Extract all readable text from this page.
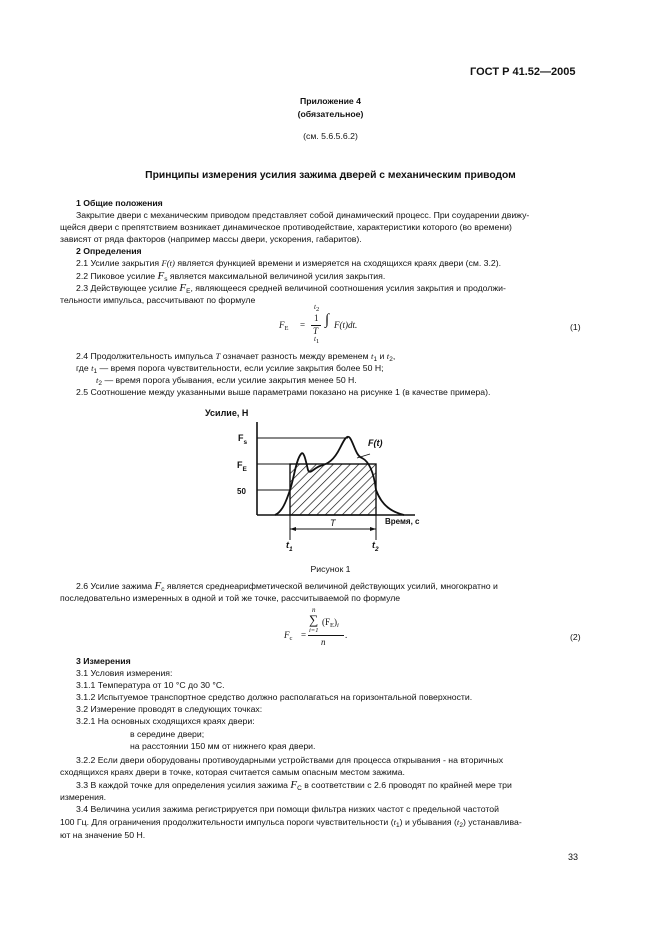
ГОСТ Р 41.52—2005
Приложение 4
(обязательное)
(см. 5.6.5.6.2)
Принципы измерения усилия зажима дверей с механическим приводом
1 Общие положения
Закрытие двери с механическим приводом представляет собой динамический процесс. При соударении движу-
щейся двери с препятствием возникает динамическое противодействие, характеристики которого (во времени)
зависят от ряда факторов (например массы двери, ускорения, габаритов).
2 Определения
2.1 Усилие закрытия F(t) является функцией времени и измеряется на сходящихся краях двери (см. 3.2).
2.2 Пиковое усилие $F_s$ является максимальной величиной усилия закрытия.
2.3 Действующее усилие $F_E$, являющееся средней величиной соотношения усилия закрытия и продолжи-
тельности импульса, рассчитывают по формуле
$F_E$ =
1
T
$t_2$
∫
$t_1$
F(t)dt.	(1)
2.4 Продолжительность импульса T означает разность между временем $t_1$ и $t_2$,
где $t_1$ — время порога чувствительности, если усилие закрытия более 50 Н;
$t_2$ — время порога убывания, если усилие закрытия менее 50 Н.
2.5 Соотношение между указанными выше параметрами показано на рисунке 1 (в качестве примера).
Усилие, Н
$F_s$
$F_E$
50
F(t)
Время, с
T
$t_1$	$t_2$
Рисунок 1
2.6 Усилие зажима $F_c$ является среднеарифметической величиной действующих усилий, многократно и
последовательно измеренных в одной и той же точке, рассчитываемой по формуле
$F_c$ =
n
∑
i=1
$(F_E)_i$
n
.	(2)
3 Измерения
3.1 Условия измерения:
3.1.1 Температура от 10 °С до 30 °С.
3.1.2 Испытуемое транспортное средство должно располагаться на горизонтальной поверхности.
3.2 Измерение проводят в следующих точках:
3.2.1 На основных сходящихся краях двери:
в середине двери;
на расстоянии 150 мм от нижнего края двери.
3.2.2 Если двери оборудованы противоударными устройствами для процесса открывания - на вторичных
сходящихся краях двери в точке, которая считается самым опасным местом зажима.
3.3 В каждой точке для определения усилия зажима $F_C$ в соответствии с 2.6 проводят по крайней мере три
измерения.
3.4 Величина усилия зажима регистрируется при помощи фильтра низких частот с предельной частотой
100 Гц. Для ограничения продолжительности импульса пороги чувствительности $(t_1)$ и убывания $(t_2)$ устанавлива-
ют на значение 50 Н.
33
